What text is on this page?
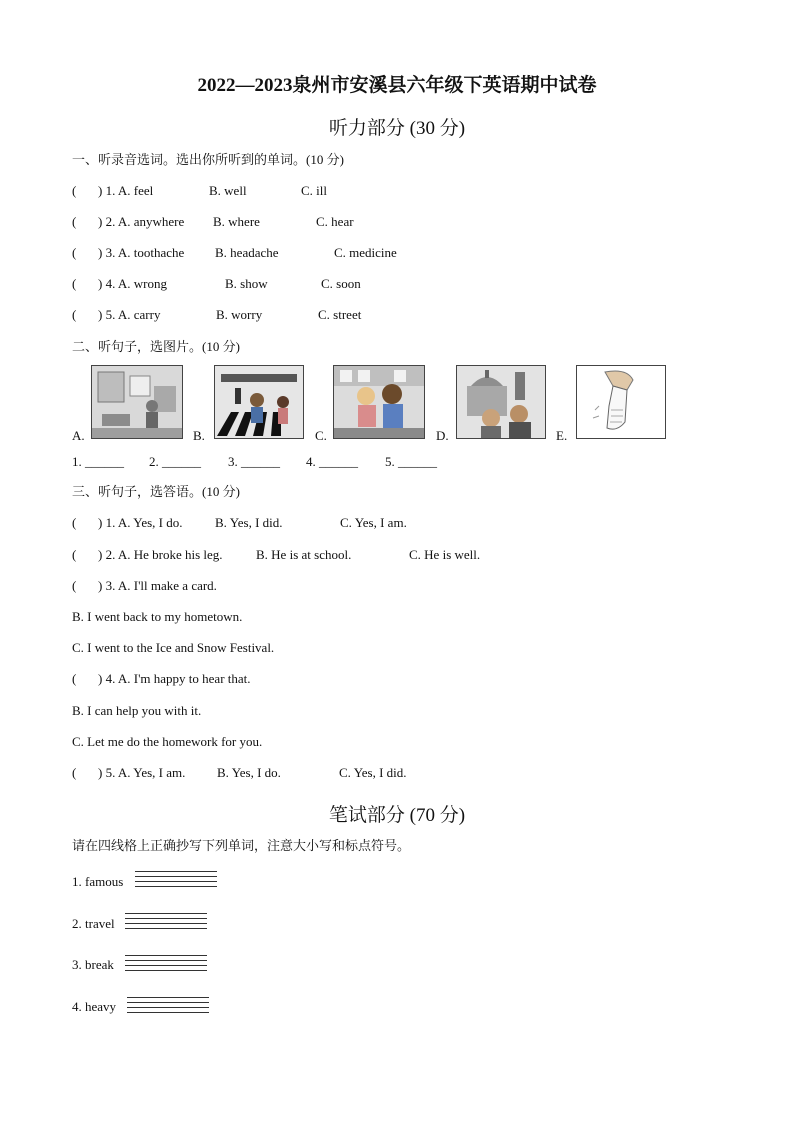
2022—2023泉州市安溪县六年级下英语期中试卷
听力部分 (30 分)
一、听录音选词。选出你所听到的单词。(10 分)
( ) 1. A. feel	B. well	C. ill
( ) 2. A. anywhere B. where	C. hear
( ) 3. A. toothache B. headache	C. medicine
( ) 4. A. wrong	B. show	C. soon
( ) 5. A. carry	B. worry	C. street
二、听句子，选图片。(10 分)
A.	B.	C.	D.	E.
1. ______ 2. ______ 3. ______ 4. ______ 5. ______
三、听句子，选答语。(10 分)
( ) 1. A. Yes, I do. B. Yes, I did.	C. Yes, I am.
( ) 2. A. He broke his leg.	B. He is at school.	C. He is well.
( ) 3. A. I'll make a card.
B. I went back to my hometown.
C. I went to the Ice and Snow Festival.
( ) 4. A. I'm happy to hear that.
B. I can help you with it.
C. Let me do the homework for you.
( ) 5. A. Yes, I am. B. Yes, I do.	C. Yes, I did.
笔试部分 (70 分)
请在四线格上正确抄写下列单词，注意大小写和标点符号。
1. famous
2. travel
3. break
4. heavy
